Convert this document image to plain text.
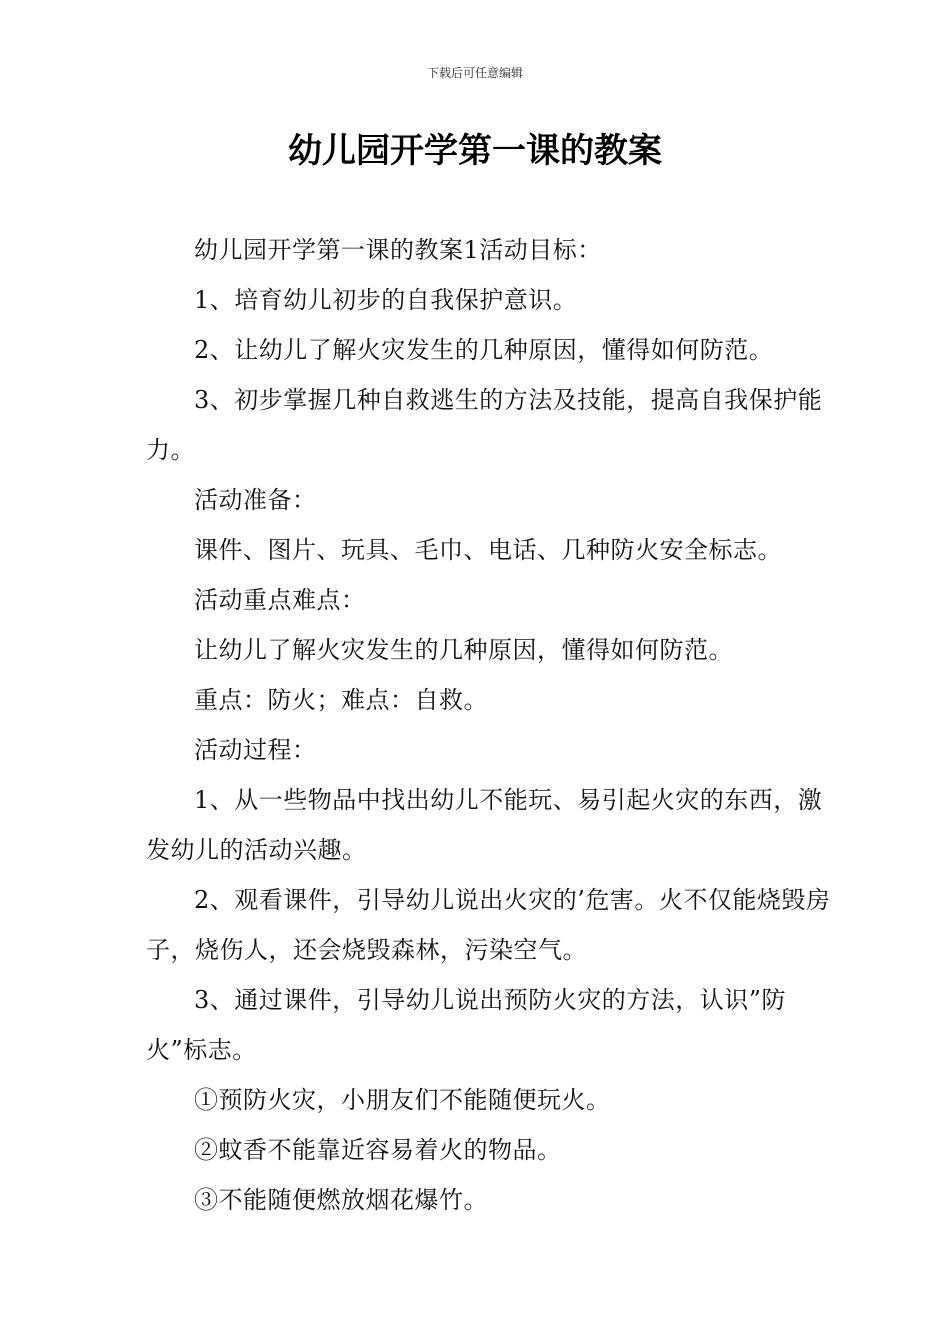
下载后可任意编辑
幼儿园开学第一课的教案

幼儿园开学第一课的教案1活动目标：

1、培育幼儿初步的自我保护意识。

2、让幼儿了解火灾发生的几种原因，懂得如何防范。

3、初步掌握几种自救逃生的方法及技能，提高自我保护能力。

活动准备：

课件、图片、玩具、毛巾、电话、几种防火安全标志。

活动重点难点：

让幼儿了解火灾发生的几种原因，懂得如何防范。

重点：防火；难点：自救。

活动过程：

1、从一些物品中找出幼儿不能玩、易引起火灾的东西，激发幼儿的活动兴趣。

2、观看课件，引导幼儿说出火灾的’危害。火不仅能烧毁房子，烧伤人，还会烧毁森林，污染空气。

3、通过课件，引导幼儿说出预防火灾的方法，认识”防火”标志。

①预防火灾，小朋友们不能随便玩火。

②蚊香不能靠近容易着火的物品。

③不能随便燃放烟花爆竹。
